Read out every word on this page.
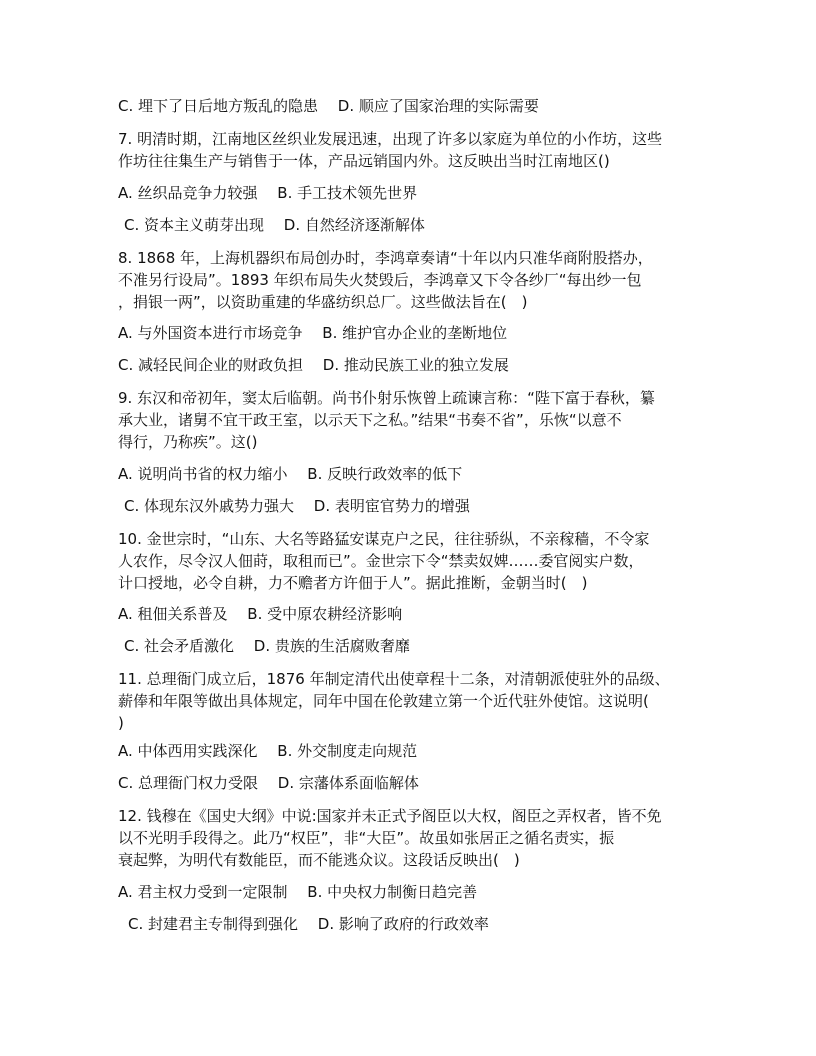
C. 埋下了日后地方叛乱的隐患　 D. 顺应了国家治理的实际需要
7. 明清时期，江南地区丝织业发展迅速，出现了许多以家庭为单位的小作坊，这些
作坊往往集生产与销售于一体，产品远销国内外。这反映出当时江南地区()
A. 丝织品竞争力较强　 B. 手工技术领先世界
C. 资本主义萌芽出现　 D. 自然经济逐渐解体
8. 1868 年，上海机器织布局创办时，李鸿章奏请“十年以内只准华商附股搭办，
不准另行设局”。1893 年织布局失火焚毁后，李鸿章又下令各纱厂“每出纱一包
，捐银一两”，以资助重建的华盛纺织总厂。这些做法旨在(　)
A. 与外国资本进行市场竞争　 B. 维护官办企业的垄断地位
C. 减轻民间企业的财政负担　 D. 推动民族工业的独立发展
9. 东汉和帝初年，窦太后临朝。尚书仆射乐恢曾上疏谏言称：“陛下富于春秋，纂
承大业，诸舅不宜干政王室，以示天下之私。”结果“书奏不省”，乐恢“以意不
得行，乃称疾”。这()
A. 说明尚书省的权力缩小　 B. 反映行政效率的低下
C. 体现东汉外戚势力强大　 D. 表明宦官势力的增强
10. 金世宗时，“山东、大名等路猛安谋克户之民，往往骄纵，不亲稼穑，不令家
人农作，尽令汉人佃莳，取租而已”。金世宗下令“禁卖奴婢……委官阅实户数，
计口授地，必令自耕，力不赡者方许佃于人”。据此推断，金朝当时(　)
A. 租佃关系普及　 B. 受中原农耕经济影响
C. 社会矛盾激化　 D. 贵族的生活腐败奢靡
11. 总理衙门成立后，1876 年制定清代出使章程十二条，对清朝派使驻外的品级、
薪俸和年限等做出具体规定，同年中国在伦敦建立第一个近代驻外使馆。这说明(
)
A. 中体西用实践深化　 B. 外交制度走向规范
C. 总理衙门权力受限　 D. 宗藩体系面临解体
12. 钱穆在《国史大纲》中说:国家并未正式予阁臣以大权，阁臣之弄权者，皆不免
以不光明手段得之。此乃“权臣”，非“大臣”。故虽如张居正之循名责实，振
衰起弊，为明代有数能臣，而不能逃众议。这段话反映出(　)
A. 君主权力受到一定限制　 B. 中央权力制衡日趋完善
C. 封建君主专制得到强化　 D. 影响了政府的行政效率
